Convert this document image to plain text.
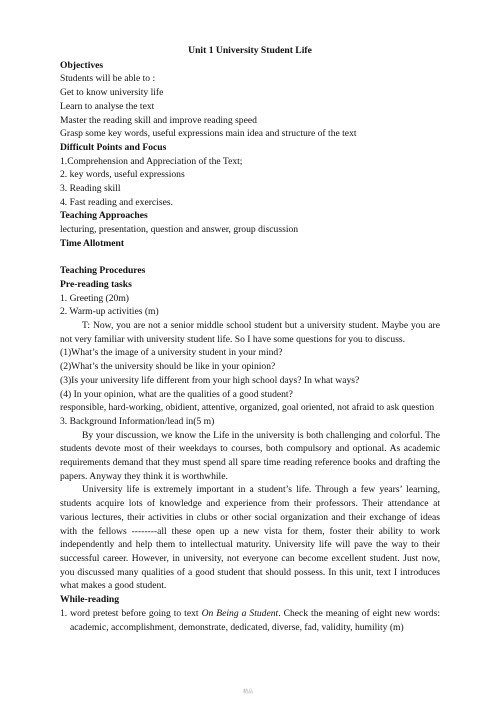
Unit 1 University Student Life
Objectives
Students will be able to :
Get to know university life
Learn to analyse the text
Master the reading skill and improve reading speed
Grasp some key words, useful expressions main idea and structure of the text
Difficult Points and Focus
1.Comprehension and Appreciation of the Text;
2. key words, useful expressions
3. Reading skill
4. Fast reading and exercises.
Teaching Approaches
lecturing, presentation, question and answer, group discussion
Time Allotment
Teaching Procedures
Pre-reading tasks
1. Greeting (20m)
2. Warm-up activities (m)
T: Now, you are not a senior middle school student but a university student. Maybe you are not very familiar with university student life. So I have some questions for you to discuss.
(1)What’s the image of a university student in your mind?
(2)What’s the university should be like in your opinion?
(3)Is your university life different from your high school days? In what ways?
(4) In your opinion, what are the qualities of a good student?
responsible, hard-working, obidient, attentive, organized, goal oriented, not afraid to ask question
3. Background Information/lead in(5 m)
By your discussion, we know the Life in the university is both challenging and colorful. The students devote most of their weekdays to courses, both compulsory and optional. As academic requirements demand that they must spend all spare time reading reference books and drafting the papers. Anyway they think it is worthwhile.
University life is extremely important in a student’s life. Through a few years’ learning, students acquire lots of knowledge and experience from their professors. Their attendance at various lectures, their activities in clubs or other social organization and their exchange of ideas with the fellows --------all these open up a new vista for them, foster their ability to work independently and help them to intellectual maturity. University life will pave the way to their successful career. However, in university, not everyone can become excellent student. Just now, you discussed many qualities of a good student that should possess. In this unit, text I introduces what makes a good student.
While-reading
1. word pretest before going to text On Being a Student. Check the meaning of eight new words: academic, accomplishment, demonstrate, dedicated, diverse, fad, validity, humility (m)
精品
